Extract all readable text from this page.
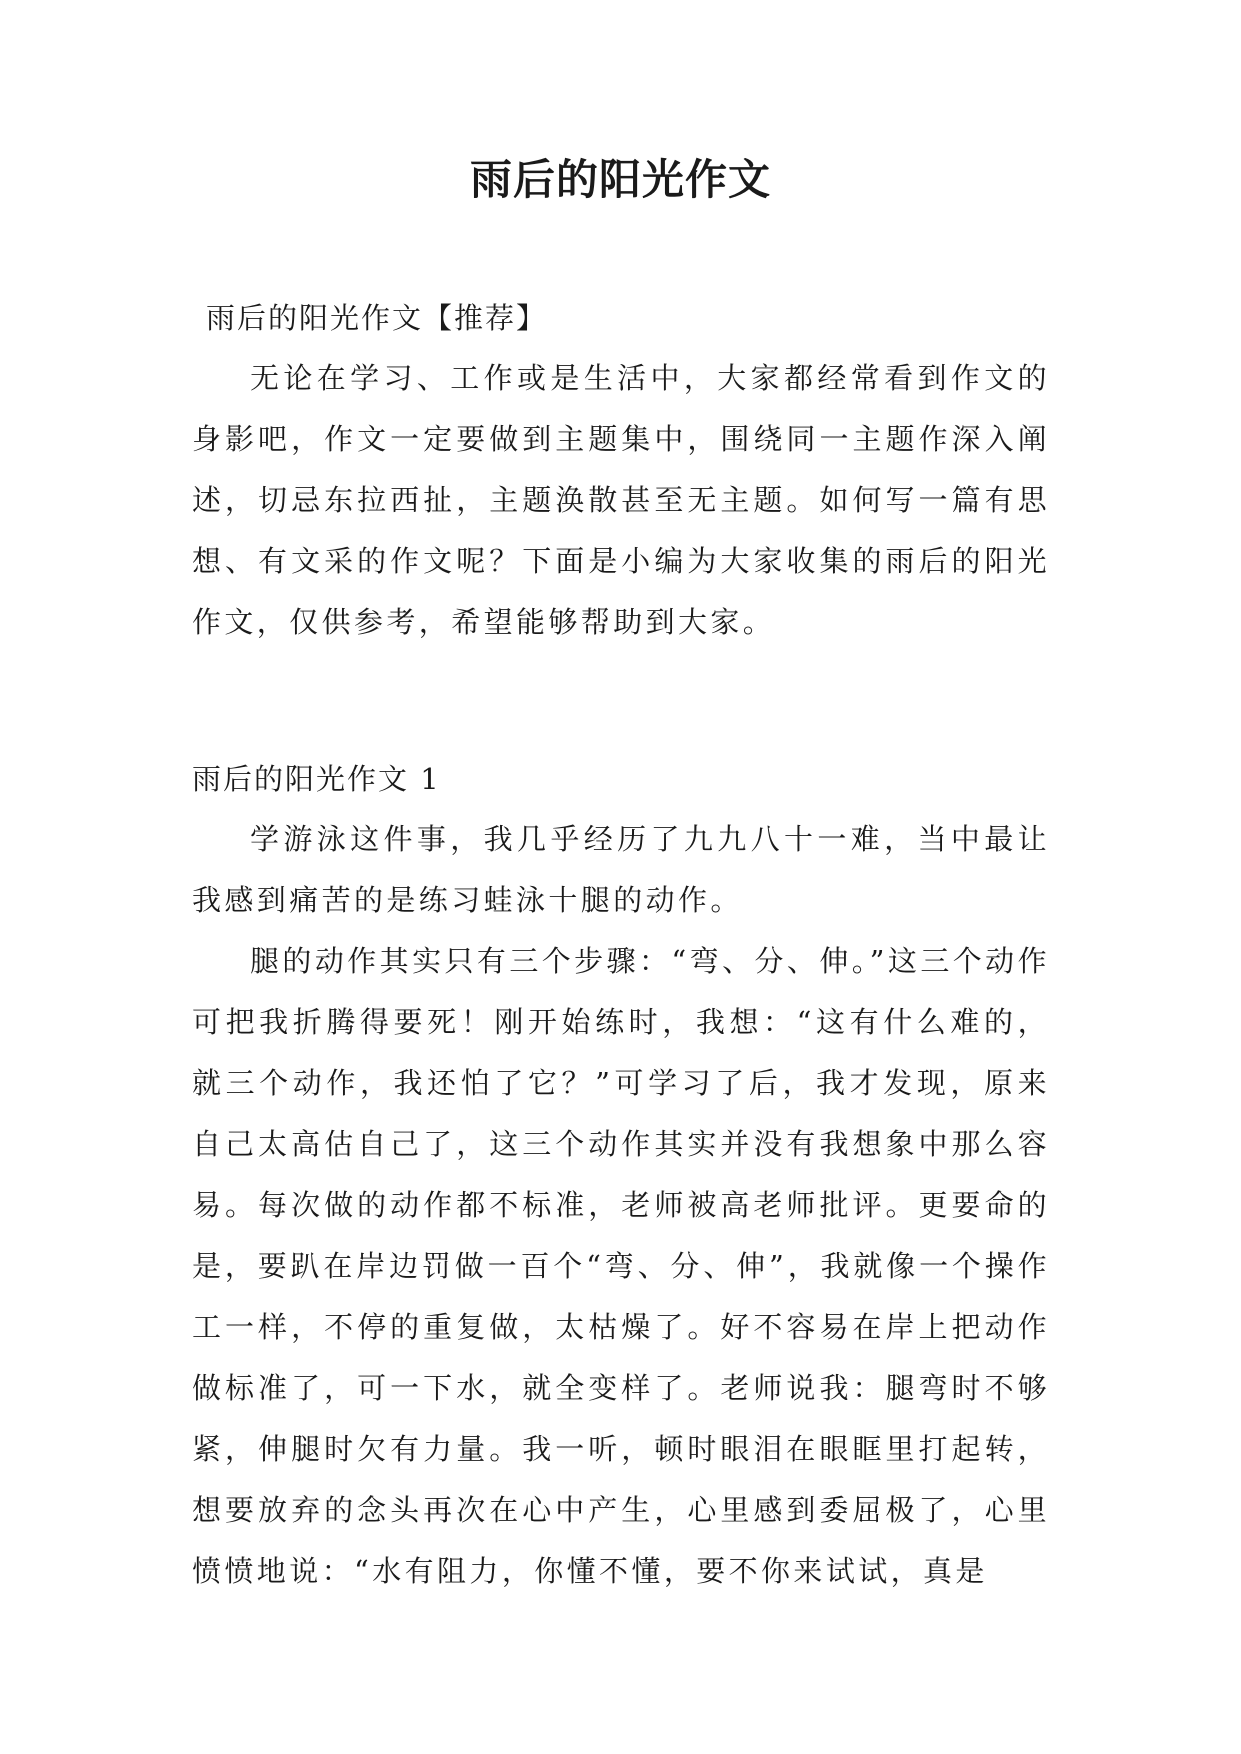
雨后的阳光作文

雨后的阳光作文【推荐】

无论在学习、工作或是生活中，大家都经常看到作文的身影吧，作文一定要做到主题集中，围绕同一主题作深入阐述，切忌东拉西扯，主题涣散甚至无主题。如何写一篇有思想、有文采的作文呢？下面是小编为大家收集的雨后的阳光作文，仅供参考，希望能够帮助到大家。

雨后的阳光作文 1

学游泳这件事，我几乎经历了九九八十一难，当中最让我感到痛苦的是练习蛙泳十腿的动作。

腿的动作其实只有三个步骤：“弯、分、伸。”这三个动作可把我折腾得要死！刚开始练时，我想：“这有什么难的，就三个动作，我还怕了它？”可学习了后，我才发现，原来自己太高估自己了，这三个动作其实并没有我想象中那么容易。每次做的动作都不标准，老师被高老师批评。更要命的是，要趴在岸边罚做一百个“弯、分、伸”，我就像一个操作工一样，不停的重复做，太枯燥了。好不容易在岸上把动作做标准了，可一下水，就全变样了。老师说我：腿弯时不够紧，伸腿时欠有力量。我一听，顿时眼泪在眼眶里打起转，想要放弃的念头再次在心中产生，心里感到委屈极了，心里愤愤地说：“水有阻力，你懂不懂，要不你来试试，真是
